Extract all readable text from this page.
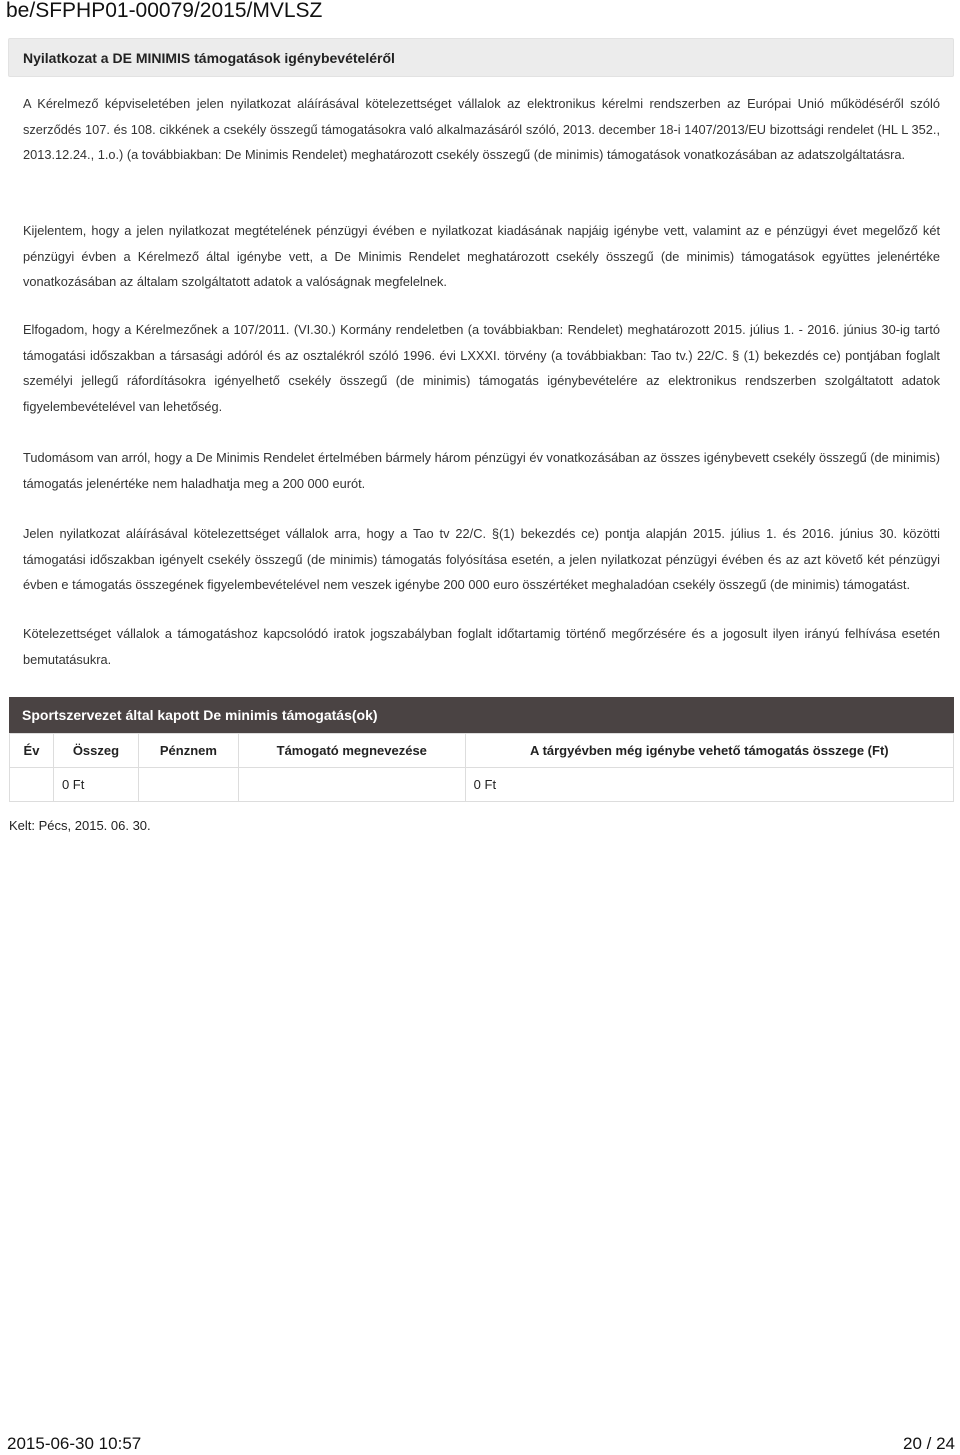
be/SFPHP01-00079/2015/MVLSZ
Nyilatkozat a DE MINIMIS támogatások igénybevételéről

A Kérelmező képviseletében jelen nyilatkozat aláírásával kötelezettséget vállalok az elektronikus kérelmi rendszerben az Európai Unió működéséről szóló szerződés 107. és 108. cikkének a csekély összegű támogatásokra való alkalmazásáról szóló, 2013. december 18-i 1407/2013/EU bizottsági rendelet (HL L 352., 2013.12.24., 1.o.) (a továbbiakban: De Minimis Rendelet) meghatározott csekély összegű (de minimis) támogatások vonatkozásában az adatszolgáltatásra.

Kijelentem, hogy a jelen nyilatkozat megtételének pénzügyi évében e nyilatkozat kiadásának napjáig igénybe vett, valamint az e pénzügyi évet megelőző két pénzügyi évben a Kérelmező által igénybe vett, a De Minimis Rendelet meghatározott csekély összegű (de minimis) támogatások együttes jelenértéke vonatkozásában az általam szolgáltatott adatok a valóságnak megfelelnek.

Elfogadom, hogy a Kérelmezőnek a 107/2011. (VI.30.) Kormány rendeletben (a továbbiakban: Rendelet) meghatározott 2015. július 1. - 2016. június 30-ig tartó támogatási időszakban a társasági adóról és az osztalékról szóló 1996. évi LXXXI. törvény (a továbbiakban: Tao tv.) 22/C. § (1) bekezdés ce) pontjában foglalt személyi jellegű ráfordításokra igényelhető csekély összegű (de minimis) támogatás igénybevételére az elektronikus rendszerben szolgáltatott adatok figyelembevételével van lehetőség.

Tudomásom van arról, hogy a De Minimis Rendelet értelmében bármely három pénzügyi év vonatkozásában az összes igénybevett csekély összegű (de minimis) támogatás jelenértéke nem haladhatja meg a 200 000 eurót.

Jelen nyilatkozat aláírásával kötelezettséget vállalok arra, hogy a Tao tv 22/C. §(1) bekezdés ce) pontja alapján 2015. július 1. és 2016. június 30. közötti támogatási időszakban igényelt csekély összegű (de minimis) támogatás folyósítása esetén, a jelen nyilatkozat pénzügyi évében és az azt követő két pénzügyi évben e támogatás összegének figyelembevételével nem veszek igénybe 200 000 euro összértéket meghaladóan csekély összegű (de minimis) támogatást.

Kötelezettséget vállalok a támogatáshoz kapcsolódó iratok jogszabályban foglalt időtartamig történő megőrzésére és a jogosult ilyen irányú felhívása esetén bemutatásukra.

Sportszervezet által kapott De minimis támogatás(ok)
Év	Összeg	Pénznem	Támogató megnevezése	A tárgyévben még igénybe vehető támogatás összege (Ft)
	0 Ft			0 Ft
Kelt: Pécs, 2015. 06. 30.
2015-06-30 10:57	20 / 24
